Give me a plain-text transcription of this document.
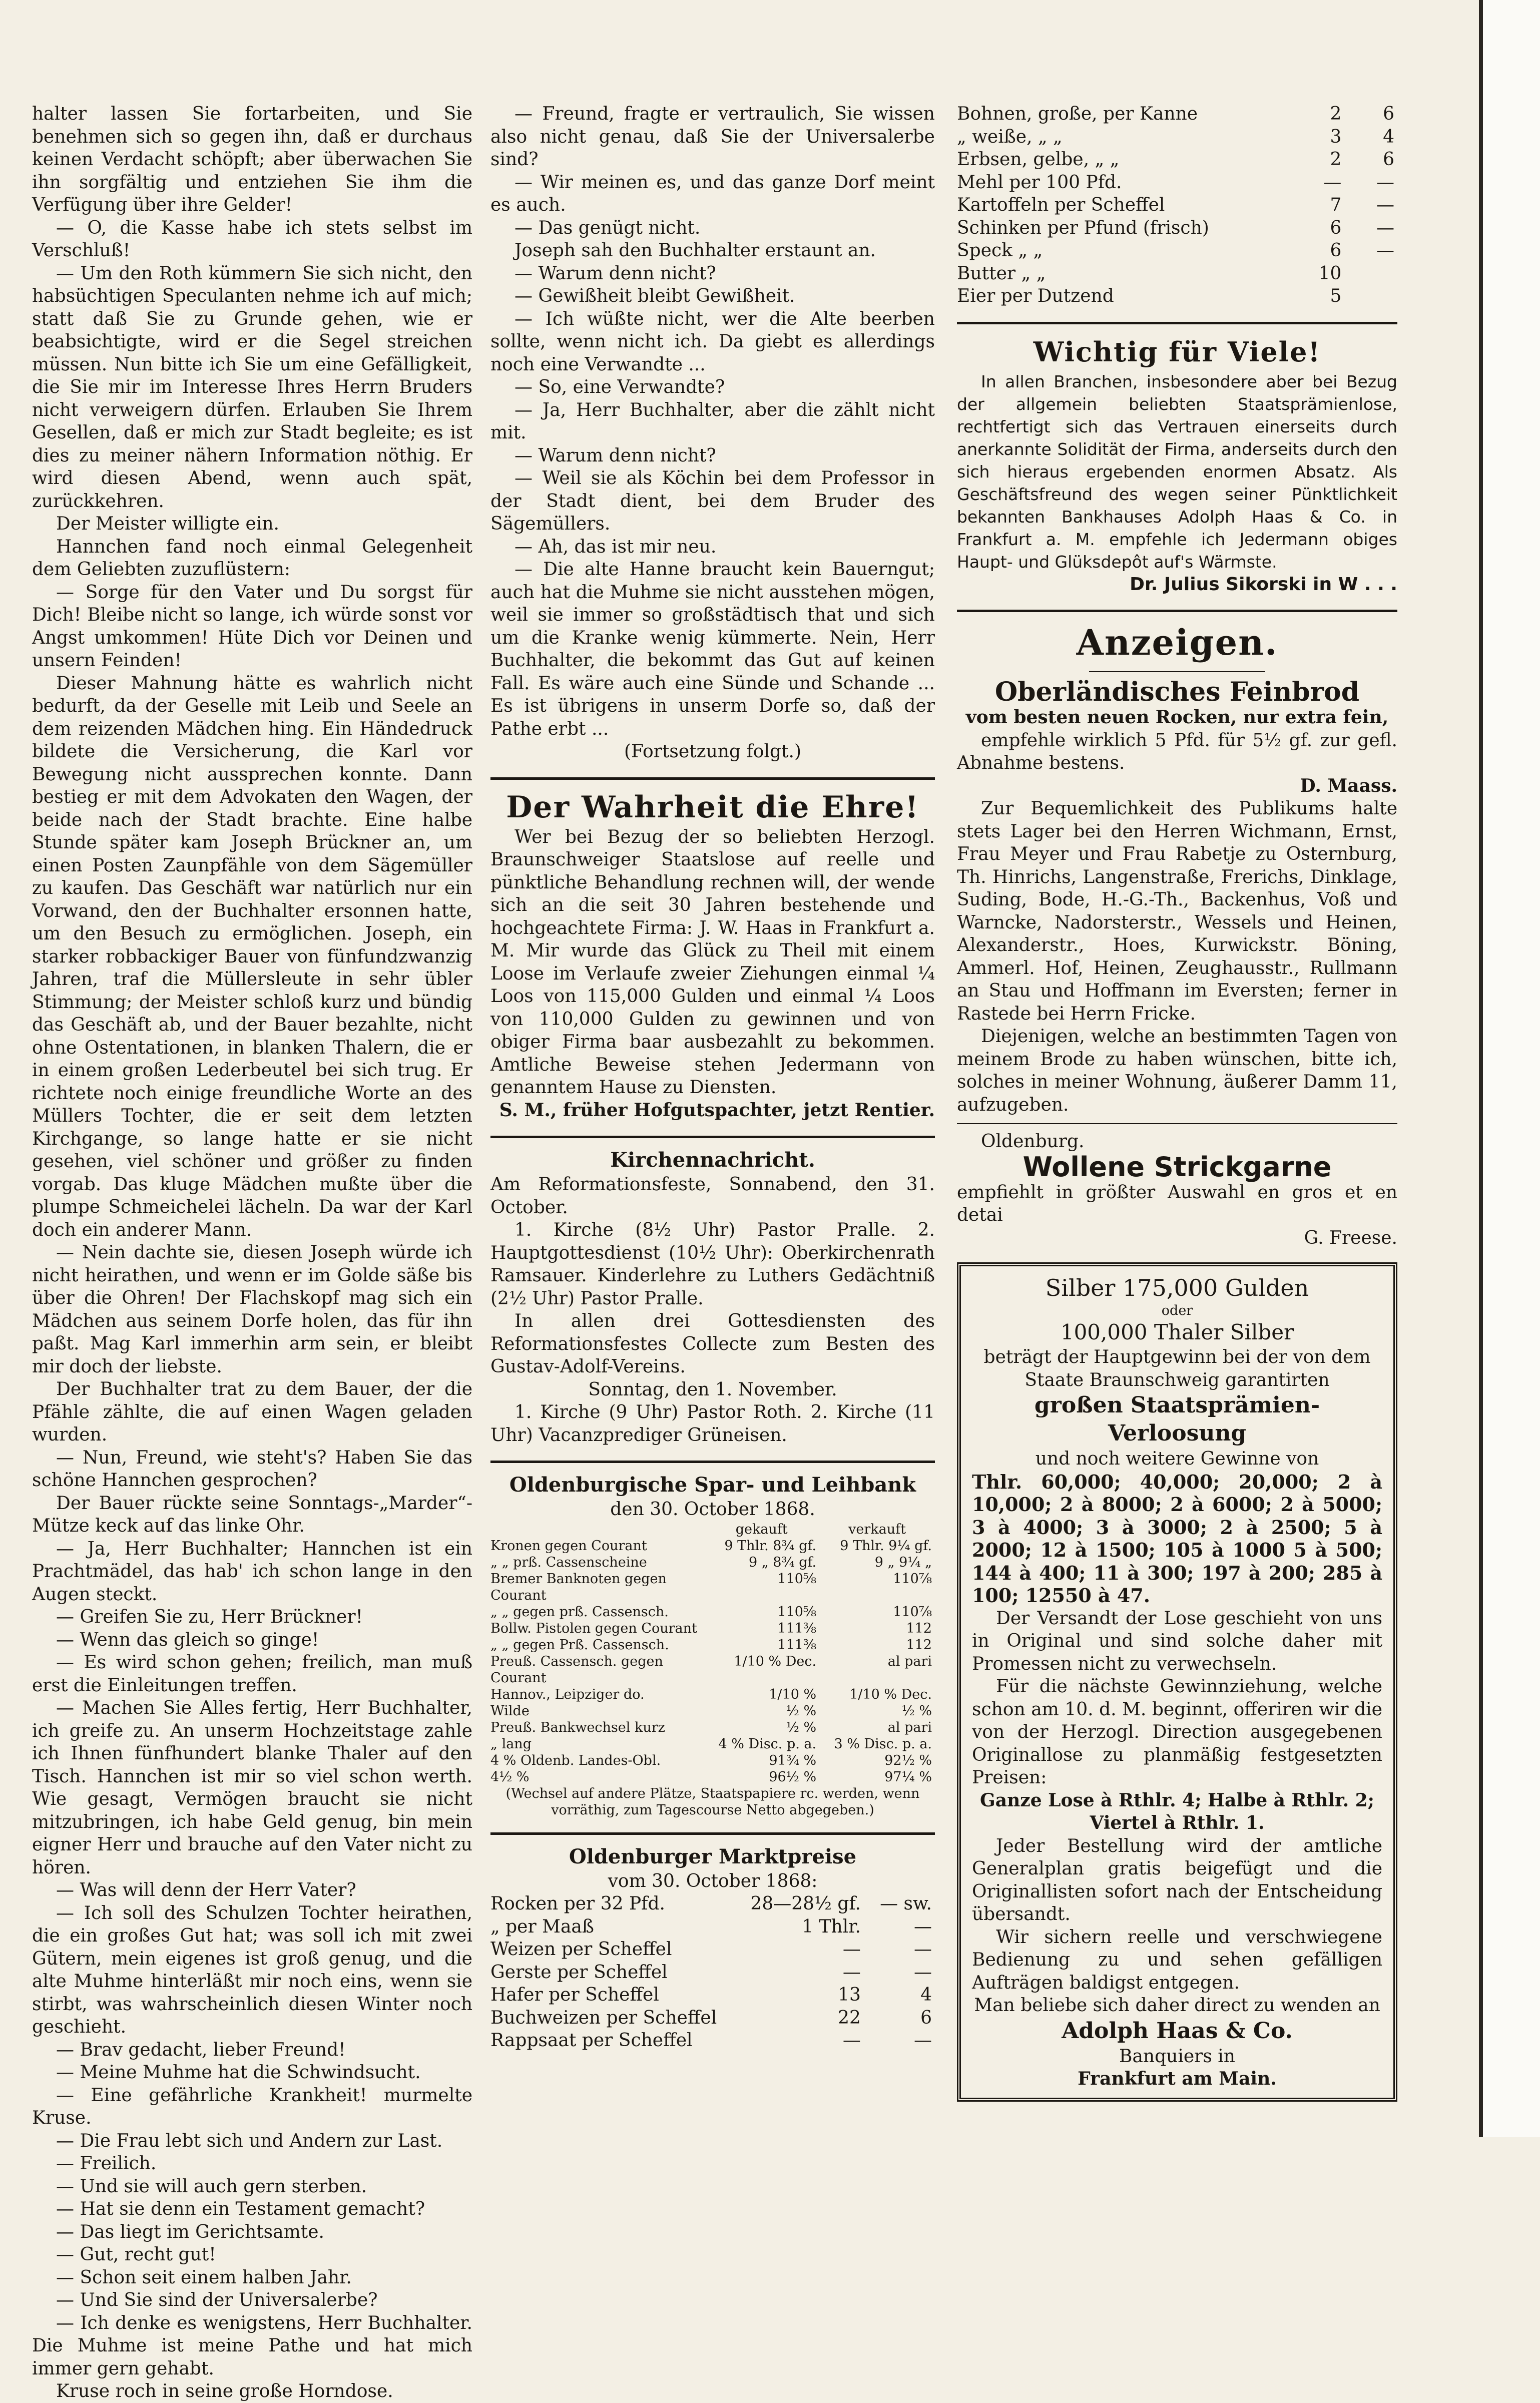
halter lassen Sie fortarbeiten, und Sie benehmen sich so gegen ihn, daß er durchaus keinen Verdacht schöpft; aber überwachen Sie ihn sorgfältig und entziehen Sie ihm die Verfügung über ihre Gelder!

— O, die Kasse habe ich stets selbst im Verschluß!

— Um den Roth kümmern Sie sich nicht, den habsüchtigen Speculanten nehme ich auf mich; statt daß Sie zu Grunde gehen, wie er beabsichtigte, wird er die Segel streichen müssen. Nun bitte ich Sie um eine Gefälligkeit, die Sie mir im Interesse Ihres Herrn Bruders nicht verweigern dürfen. Erlauben Sie Ihrem Gesellen, daß er mich zur Stadt begleite; es ist dies zu meiner nähern Information nöthig. Er wird diesen Abend, wenn auch spät, zurückkehren.

Der Meister willigte ein.

Hannchen fand noch einmal Gelegenheit dem Geliebten zuzuflüstern:

— Sorge für den Vater und Du sorgst für Dich! Bleibe nicht so lange, ich würde sonst vor Angst umkommen! Hüte Dich vor Deinen und unsern Feinden!

Dieser Mahnung hätte es wahrlich nicht bedurft, da der Geselle mit Leib und Seele an dem reizenden Mädchen hing. Ein Händedruck bildete die Versicherung, die Karl vor Bewegung nicht aussprechen konnte. Dann bestieg er mit dem Advokaten den Wagen, der beide nach der Stadt brachte. Eine halbe Stunde später kam Joseph Brückner an, um einen Posten Zaunpfähle von dem Sägemüller zu kaufen. Das Geschäft war natürlich nur ein Vorwand, den der Buchhalter ersonnen hatte, um den Besuch zu ermöglichen. Joseph, ein starker robbackiger Bauer von fünfundzwanzig Jahren, traf die Müllersleute in sehr übler Stimmung; der Meister schloß kurz und bündig das Geschäft ab, und der Bauer bezahlte, nicht ohne Ostentationen, in blanken Thalern, die er in einem großen Lederbeutel bei sich trug. Er richtete noch einige freundliche Worte an des Müllers Tochter, die er seit dem letzten Kirchgange, so lange hatte er sie nicht gesehen, viel schöner und größer zu finden vorgab. Das kluge Mädchen mußte über die plumpe Schmeichelei lächeln. Da war der Karl doch ein anderer Mann.

— Nein dachte sie, diesen Joseph würde ich nicht heirathen, und wenn er im Golde säße bis über die Ohren! Der Flachskopf mag sich ein Mädchen aus seinem Dorfe holen, das für ihn paßt. Mag Karl immerhin arm sein, er bleibt mir doch der liebste.

Der Buchhalter trat zu dem Bauer, der die Pfähle zählte, die auf einen Wagen geladen wurden.

— Nun, Freund, wie steht's? Haben Sie das schöne Hannchen gesprochen?

Der Bauer rückte seine Sonntags-„Marder“-Mütze keck auf das linke Ohr.

— Ja, Herr Buchhalter; Hannchen ist ein Prachtmädel, das hab' ich schon lange in den Augen steckt.

— Greifen Sie zu, Herr Brückner!

— Wenn das gleich so ginge!

— Es wird schon gehen; freilich, man muß erst die Einleitungen treffen.

— Machen Sie Alles fertig, Herr Buchhalter, ich greife zu. An unserm Hochzeitstage zahle ich Ihnen fünfhundert blanke Thaler auf den Tisch. Hannchen ist mir so viel schon werth. Wie gesagt, Vermögen braucht sie nicht mitzubringen, ich habe Geld genug, bin mein eigner Herr und brauche auf den Vater nicht zu hören.

— Was will denn der Herr Vater?

— Ich soll des Schulzen Tochter heirathen, die ein großes Gut hat; was soll ich mit zwei Gütern, mein eigenes ist groß genug, und die alte Muhme hinterläßt mir noch eins, wenn sie stirbt, was wahrscheinlich diesen Winter noch geschieht.

— Brav gedacht, lieber Freund!

— Meine Muhme hat die Schwindsucht.

— Eine gefährliche Krankheit! murmelte Kruse.

— Die Frau lebt sich und Andern zur Last.

— Freilich.

— Und sie will auch gern sterben.

— Hat sie denn ein Testament gemacht?

— Das liegt im Gerichtsamte.

— Gut, recht gut!

— Schon seit einem halben Jahr.

— Und Sie sind der Universalerbe?

— Ich denke es wenigstens, Herr Buchhalter. Die Muhme ist meine Pathe und hat mich immer gern gehabt.

Kruse roch in seine große Horndose.

— Freund, fragte er vertraulich, Sie wissen also nicht genau, daß Sie der Universalerbe sind?

— Wir meinen es, und das ganze Dorf meint es auch.

— Das genügt nicht.

Joseph sah den Buchhalter erstaunt an.

— Warum denn nicht?

— Gewißheit bleibt Gewißheit.

— Ich wüßte nicht, wer die Alte beerben sollte, wenn nicht ich. Da giebt es allerdings noch eine Verwandte ...

— So, eine Verwandte?

— Ja, Herr Buchhalter, aber die zählt nicht mit.

— Warum denn nicht?

— Weil sie als Köchin bei dem Professor in der Stadt dient, bei dem Bruder des Sägemüllers.

— Ah, das ist mir neu.

— Die alte Hanne braucht kein Bauerngut; auch hat die Muhme sie nicht ausstehen mögen, weil sie immer so großstädtisch that und sich um die Kranke wenig kümmerte. Nein, Herr Buchhalter, die bekommt das Gut auf keinen Fall. Es wäre auch eine Sünde und Schande ... Es ist übrigens in unserm Dorfe so, daß der Pathe erbt ...

(Fortsetzung folgt.)

Der Wahrheit die Ehre!

Wer bei Bezug der so beliebten Herzogl. Braunschweiger Staatslose auf reelle und pünktliche Behandlung rechnen will, der wende sich an die seit 30 Jahren bestehende und hochgeachtete Firma: J. W. Haas in Frankfurt a. M. Mir wurde das Glück zu Theil mit einem Loose im Verlaufe zweier Ziehungen einmal ¼ Loos von 115,000 Gulden und einmal ¼ Loos von 110,000 Gulden zu gewinnen und von obiger Firma baar ausbezahlt zu bekommen. Amtliche Beweise stehen Jedermann von genanntem Hause zu Diensten.

S. M., früher Hofgutspachter, jetzt Rentier.

Kirchennachricht.

Am Reformationsfeste, Sonnabend, den 31. October.

1. Kirche (8½ Uhr) Pastor Pralle. 2. Hauptgottesdienst (10½ Uhr): Oberkirchenrath Ramsauer. Kinderlehre zu Luthers Gedächtniß (2½ Uhr) Pastor Pralle.

In allen drei Gottesdiensten des Reformationsfestes Collecte zum Besten des Gustav-Adolf-Vereins.

Sonntag, den 1. November.

1. Kirche (9 Uhr) Pastor Roth. 2. Kirche (11 Uhr) Vacanzprediger Grüneisen.

Oldenburgische Spar- und Leihbank

den 30. October 1868.

	gekauft	verkauft
Kronen gegen Courant	9 Thlr. 8¾ gf.	9 Thlr. 9¼ gf.
„ „ prß. Cassenscheine	9 „ 8¾ gf.	9 „ 9¼ „
Bremer Banknoten gegen Courant	110⅝	110⅞
„ „ gegen prß. Cassensch.	110⅝	110⅞
Bollw. Pistolen gegen Courant	111⅜	112
„ „ gegen Prß. Cassensch.	111⅜	112
Preuß. Cassensch. gegen Courant	1/10 % Dec.	al pari
Hannov., Leipziger do.	1/10 %	1/10 % Dec.
Wilde	½ %	½ %
Preuß. Bankwechsel kurz	½ %	al pari
„ lang	4 % Disc. p. a.	3 % Disc. p. a.
4 % Oldenb. Landes-Obl.	91¾ %	92½ %
4½ %	96½ %	97¼ %

(Wechsel auf andere Plätze, Staatspapiere rc. werden, wenn vorräthig, zum Tagescourse Netto abgegeben.)

Oldenburger Marktpreise

vom 30. October 1868:

Rocken per 32 Pfd.	28—28½ gf.	— sw.
„ per Maaß	1 Thlr.	—
Weizen per Scheffel	—	—
Gerste per Scheffel	—	—
Hafer per Scheffel	13	4
Buchweizen per Scheffel	22	6
Rappsaat per Scheffel	—	—
Bohnen, große, per Kanne	2	6
„ weiße, „ „	3	4
Erbsen, gelbe, „ „	2	6
Mehl per 100 Pfd.	—	—
Kartoffeln per Scheffel	7	—
Schinken per Pfund (frisch)	6	—
Speck „ „	6	—
Butter „ „	10	
Eier per Dutzend	5	
Wichtig für Viele!

In allen Branchen, insbesondere aber bei Bezug der allgemein beliebten Staatsprämienlose, rechtfertigt sich das Vertrauen einerseits durch anerkannte Solidität der Firma, anderseits durch den sich hieraus ergebenden enormen Absatz. Als Geschäftsfreund des wegen seiner Pünktlichkeit bekannten Bankhauses Adolph Haas & Co. in Frankfurt a. M. empfehle ich Jedermann obiges Haupt- und Glüksdepôt auf's Wärmste.

Dr. Julius Sikorski in W . . .

Anzeigen.
Oberländisches Feinbrod

vom besten neuen Rocken, nur extra fein,

empfehle wirklich 5 Pfd. für 5½ gf. zur gefl. Abnahme bestens.

D. Maass.

Zur Bequemlichkeit des Publikums halte stets Lager bei den Herren Wichmann, Ernst, Frau Meyer und Frau Rabetje zu Osternburg, Th. Hinrichs, Langenstraße, Frerichs, Dinklage, Suding, Bode, H.-G.-Th., Backenhus, Voß und Warncke, Nadorsterstr., Wessels und Heinen, Alexanderstr., Hoes, Kurwickstr. Böning, Ammerl. Hof, Heinen, Zeughausstr., Rullmann an Stau und Hoffmann im Eversten; ferner in Rastede bei Herrn Fricke.

Diejenigen, welche an bestimmten Tagen von meinem Brode zu haben wünschen, bitte ich, solches in meiner Wohnung, äußerer Damm 11, aufzugeben.

Oldenburg.

Wollene Strickgarne

empfiehlt in größter Auswahl en gros et en detai

G. Freese.

Silber 175,000 Gulden

oder

100,000 Thaler Silber

beträgt der Hauptgewinn bei der von dem Staate Braunschweig garantirten

großen Staatsprämien-Verloosung

und noch weitere Gewinne von

Thlr. 60,000; 40,000; 20,000; 2 à 10,000; 2 à 8000; 2 à 6000; 2 à 5000; 3 à 4000; 3 à 3000; 2 à 2500; 5 à 2000; 12 à 1500; 105 à 1000 5 à 500; 144 à 400; 11 à 300; 197 à 200; 285 à 100; 12550 à 47.

Der Versandt der Lose geschieht von uns in Original und sind solche daher mit Promessen nicht zu verwechseln.

Für die nächste Gewinnziehung, welche schon am 10. d. M. beginnt, offeriren wir die von der Herzogl. Direction ausgegebenen Originallose zu planmäßig festgesetzten Preisen:

Ganze Lose à Rthlr. 4; Halbe à Rthlr. 2; Viertel à Rthlr. 1.

Jeder Bestellung wird der amtliche Generalplan gratis beigefügt und die Originallisten sofort nach der Entscheidung übersandt.

Wir sichern reelle und verschwiegene Bedienung zu und sehen gefälligen Aufträgen baldigst entgegen.

Man beliebe sich daher direct zu wenden an

Adolph Haas & Co.

Banquiers in

Frankfurt am Main.
